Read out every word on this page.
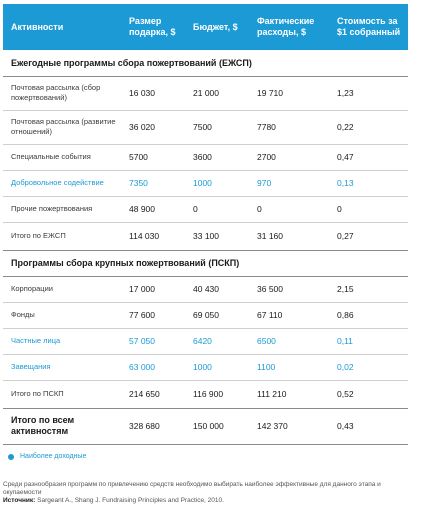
Активности	Размер подарка, $	Бюджет, $	Фактические расходы, $	Стоимость за $1 собранный
Ежегодные программы сбора пожертвований (ЕЖСП)				
Почтовая рассылка (сбор пожертвований)	16 030	21 000	19 710	1,23
Почтовая рассылка (развитие отношений)	36 020	7500	7780	0,22
Специальные события	5700	3600	2700	0,47
Добровольное содействие	7350	1000	970	0,13
Прочие пожертвования	48 900	0	0	0
Итого по ЕЖСП	114 030	33 100	31 160	0,27
Программы сбора крупных пожертвований (ПСКП)				
Корпорации	17 000	40 430	36 500	2,15
Фонды	77 600	69 050	67 110	0,86
Частные лица	57 050	6420	6500	0,11
Завещания	63 000	1000	1100	0,02
Итого по ПСКП	214 650	116 900	111 210	0,52
Итого по всем активностям	328 680	150 000	142 370	0,43
Наиболее доходные
Среди разнообразия программ по привлечению средств необходимо выбирать наиболее эффективные для данного этапа и окупаемости
Источник: Sargeant A., Shang J. Fundraising Principles and Practice, 2010.
